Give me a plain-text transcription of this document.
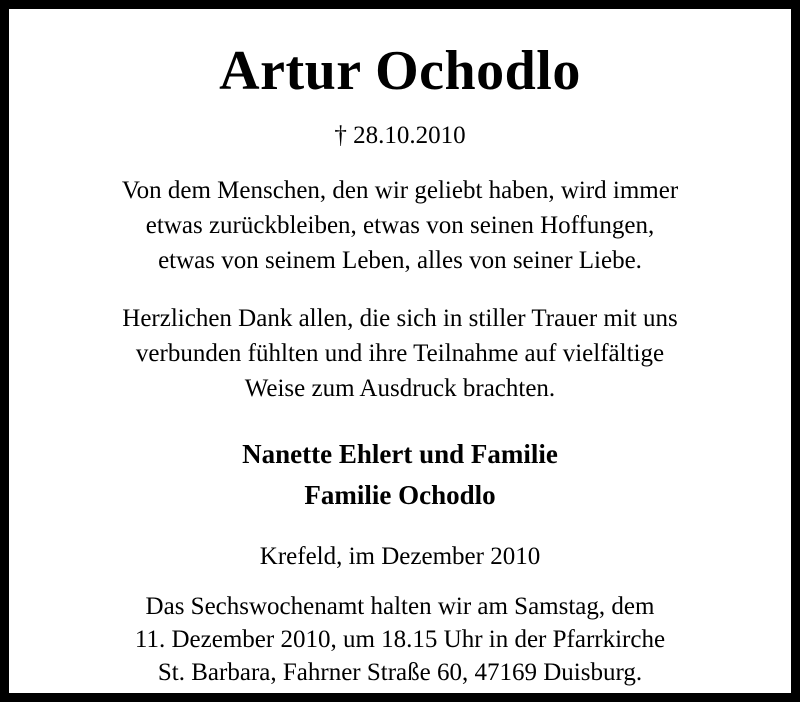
Artur Ochodlo
† 28.10.2010
Von dem Menschen, den wir geliebt haben, wird immer
etwas zurückbleiben, etwas von seinen Hoffungen,
etwas von seinem Leben, alles von seiner Liebe.
Herzlichen Dank allen, die sich in stiller Trauer mit uns
verbunden fühlten und ihre Teilnahme auf vielfältige
Weise zum Ausdruck brachten.
Nanette Ehlert und Familie
Familie Ochodlo
Krefeld, im Dezember 2010
Das Sechswochenamt halten wir am Samstag, dem
11. Dezember 2010, um 18.15 Uhr in der Pfarrkirche
St. Barbara, Fahrner Straße 60, 47169 Duisburg.
